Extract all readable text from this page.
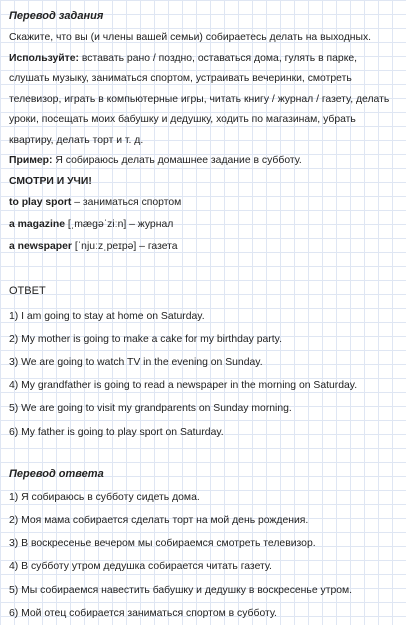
Перевод задания

Скажите, что вы (и члены вашей семьи) собираетесь делать на выходных.

Используйте: вставать рано / поздно, оставаться дома, гулять в парке, слушать музыку, заниматься спортом, устраивать вечеринки, смотреть телевизор, играть в компьютерные игры, читать книгу / журнал / газету, делать уроки, посещать моих бабушку и дедушку, ходить по магазинам, убрать квартиру, делать торт и т. д.

Пример: Я собираюсь делать домашнее задание в субботу.

СМОТРИ И УЧИ!

to play sport – заниматься спортом

a magazine [ˌmæɡəˈziːn] – журнал

a newspaper [ˈnjuːzˌpeɪpə] – газета

ОТВЕТ

1) I am going to stay at home on Saturday.

2) My mother is going to make a cake for my birthday party.

3) We are going to watch TV in the evening on Sunday.

4) My grandfather is going to read a newspaper in the morning on Saturday.

5) We are going to visit my grandparents on Sunday morning.

6) My father is going to play sport on Saturday.

Перевод ответа

1) Я собираюсь в субботу сидеть дома.

2) Моя мама собирается сделать торт на мой день рождения.

3) В воскресенье вечером мы собираемся смотреть телевизор.

4) В субботу утром дедушка собирается читать газету.

5) Мы собираемся навестить бабушку и дедушку в воскресенье утром.

6) Мой отец собирается заниматься спортом в субботу.
